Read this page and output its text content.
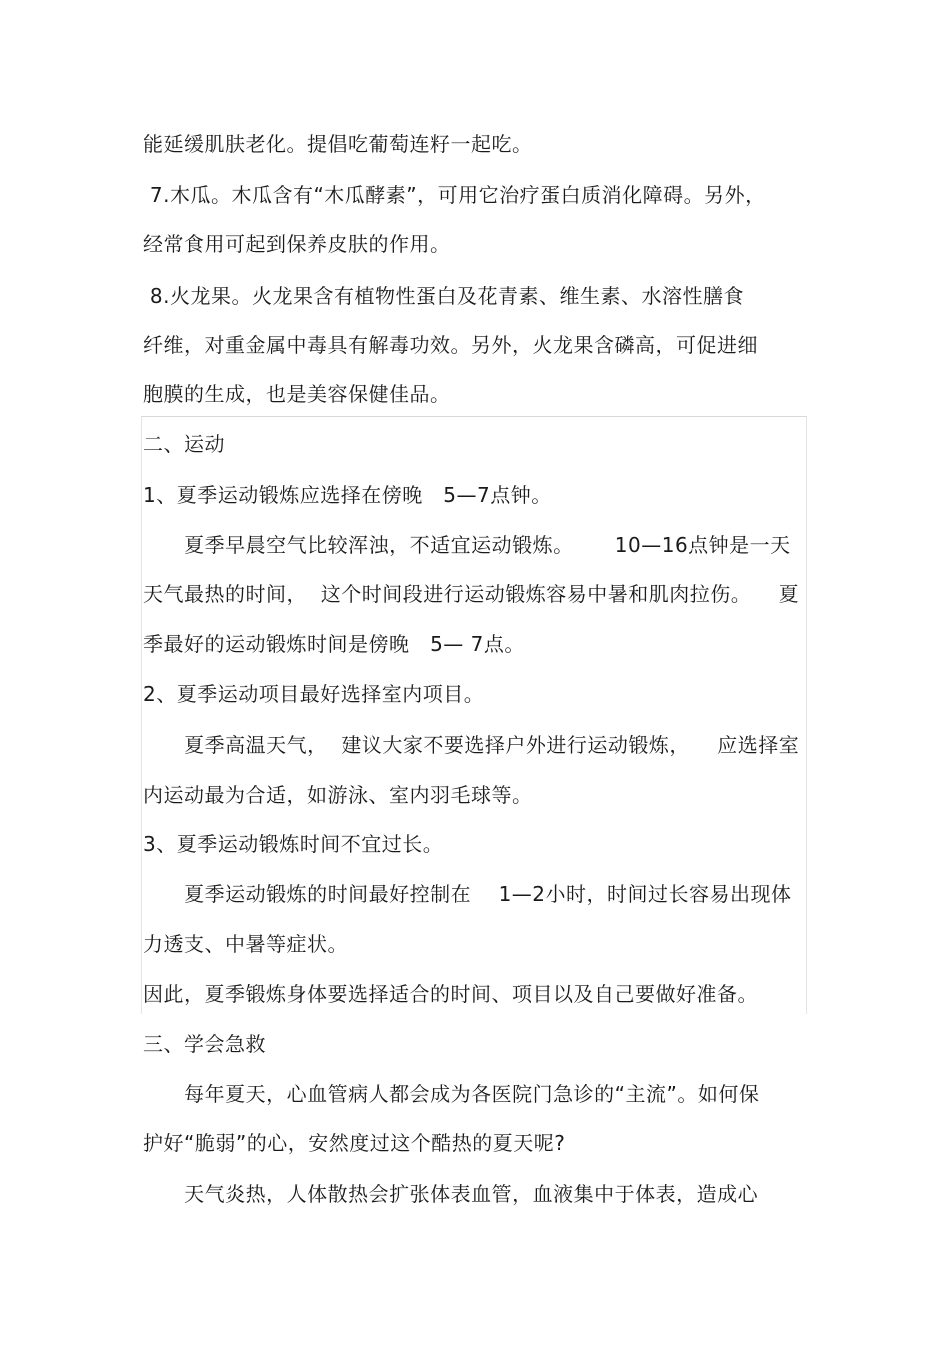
能延缓肌肤老化。提倡吃葡萄连籽一起吃。
7.木瓜。木瓜含有“木瓜酵素”，可用它治疗蛋白质消化障碍。另外，
经常食用可起到保养皮肤的作用。
8.火龙果。火龙果含有植物性蛋白及花青素、维生素、水溶性膳食
纤维，对重金属中毒具有解毒功效。另外，火龙果含磷高，可促进细
胞膜的生成，也是美容保健佳品。
二、运动
1、夏季运动锻炼应选择在傍晚   5—7点钟。
夏季早晨空气比较浑浊，不适宜运动锻炼。      10—16点钟是一天
天气最热的时间，  这个时间段进行运动锻炼容易中暑和肌肉拉伤。    夏
季最好的运动锻炼时间是傍晚   5— 7点。
2、夏季运动项目最好选择室内项目。
夏季高温天气，  建议大家不要选择户外进行运动锻炼，    应选择室
内运动最为合适，如游泳、室内羽毛球等。
3、夏季运动锻炼时间不宜过长。
夏季运动锻炼的时间最好控制在    1—2小时，时间过长容易出现体
力透支、中暑等症状。
因此，夏季锻炼身体要选择适合的时间、项目以及自己要做好准备。
三、学会急救
每年夏天，心血管病人都会成为各医院门急诊的“主流”。如何保
护好“脆弱”的心，安然度过这个酷热的夏天呢?
天气炎热，人体散热会扩张体表血管，血液集中于体表，造成心
